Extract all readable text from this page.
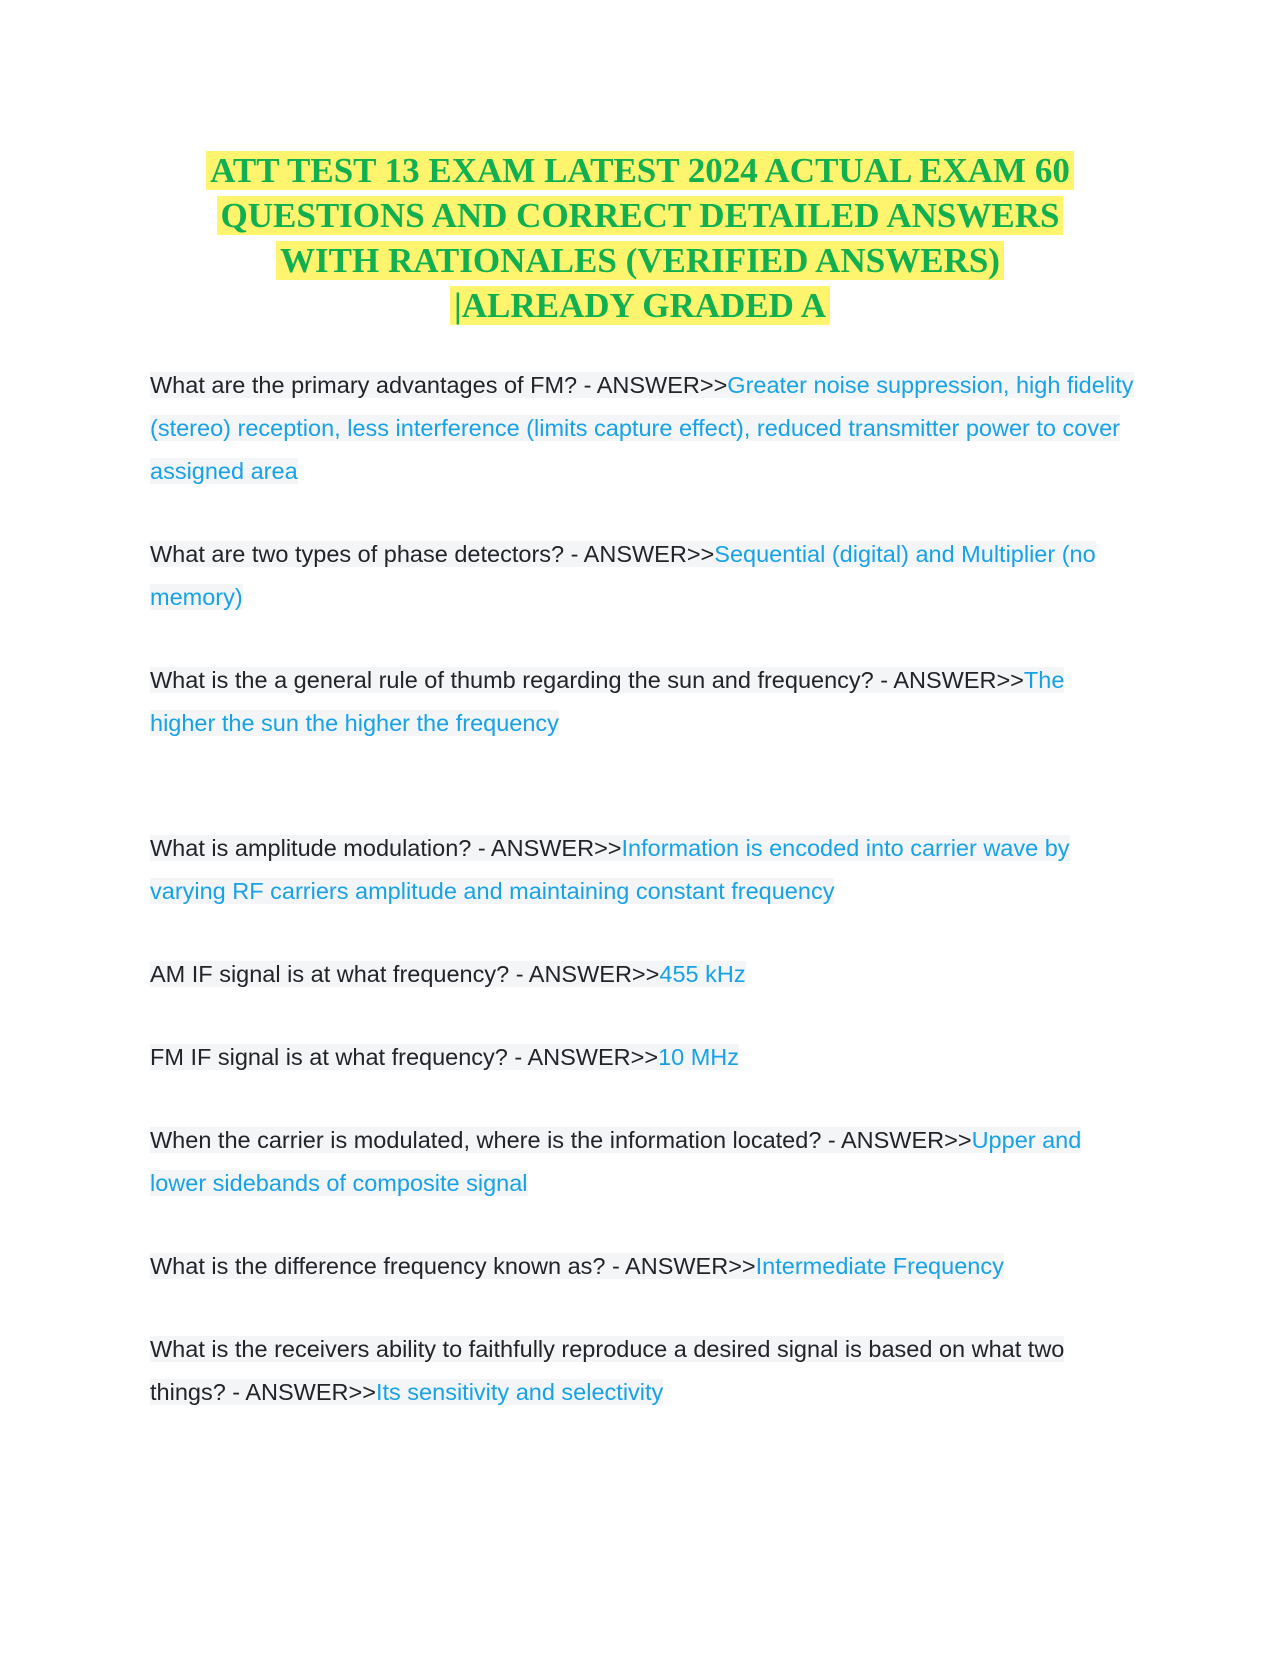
ATT TEST 13 EXAM LATEST 2024 ACTUAL EXAM 60
QUESTIONS AND CORRECT DETAILED ANSWERS
WITH RATIONALES (VERIFIED ANSWERS)
|ALREADY GRADED A

What are the primary advantages of FM? - ANSWER>>Greater noise suppression, high fidelity (stereo) reception, less interference (limits capture effect), reduced transmitter power to cover assigned area

What are two types of phase detectors? - ANSWER>>Sequential (digital) and Multiplier (no memory)

What is the a general rule of thumb regarding the sun and frequency? - ANSWER>>The higher the sun the higher the frequency

What is amplitude modulation? - ANSWER>>Information is encoded into carrier wave by varying RF carriers amplitude and maintaining constant frequency

AM IF signal is at what frequency? - ANSWER>>455 kHz

FM IF signal is at what frequency? - ANSWER>>10 MHz

When the carrier is modulated, where is the information located? - ANSWER>>Upper and lower sidebands of composite signal

What is the difference frequency known as? - ANSWER>>Intermediate Frequency

What is the receivers ability to faithfully reproduce a desired signal is based on what two things? - ANSWER>>Its sensitivity and selectivity
